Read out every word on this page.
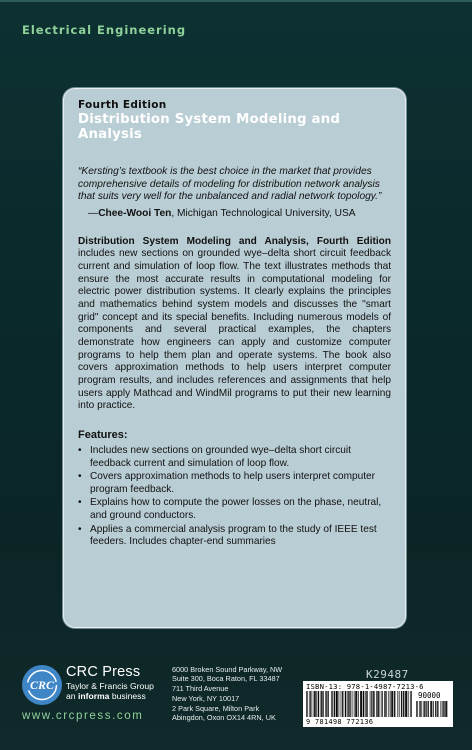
Electrical Engineering

Fourth Edition

Distribution System Modeling and Analysis

“Kersting’s textbook is the best choice in the market that provides comprehensive details of modeling for distribution network analysis that suits very well for the unbalanced and radial network topology.”

—Chee-Wooi Ten, Michigan Technological University, USA

Distribution System Modeling and Analysis, Fourth Edition includes new sections on grounded wye–delta short circuit feedback current and simulation of loop flow. The text illustrates methods that ensure the most accurate results in computational modeling for electric power distribution systems. It clearly explains the principles and mathematics behind system models and discusses the "smart grid" concept and its special benefits. Including numerous models of components and several practical examples, the chapters demonstrate how engineers can apply and customize computer programs to help them plan and operate systems. The book also covers approximation methods to help users interpret computer program results, and includes references and assignments that help users apply Mathcad and WindMil programs to put their new learning into practice.

Features:

• Includes new sections on grounded wye–delta short circuit feedback current and simulation of loop flow.
• Covers approximation methods to help users interpret computer program feedback.
• Explains how to compute the power losses on the phase, neutral, and ground conductors.
• Applies a commercial analysis program to the study of IEEE test feeders. Includes chapter-end summaries
K29487
CRC
CRC Press
Taylor & Francis Group
an informa business
www.crcpress.com
6000 Broken Sound Parkway, NW
Suite 300, Boca Raton, FL 33487
711 Third Avenue
New York, NY 10017
2 Park Square, Milton Park
Abingdon, Oxon OX14 4RN, UK
ISBN-13: 978-1-4987-7213-6
90000
9 781498 772136
